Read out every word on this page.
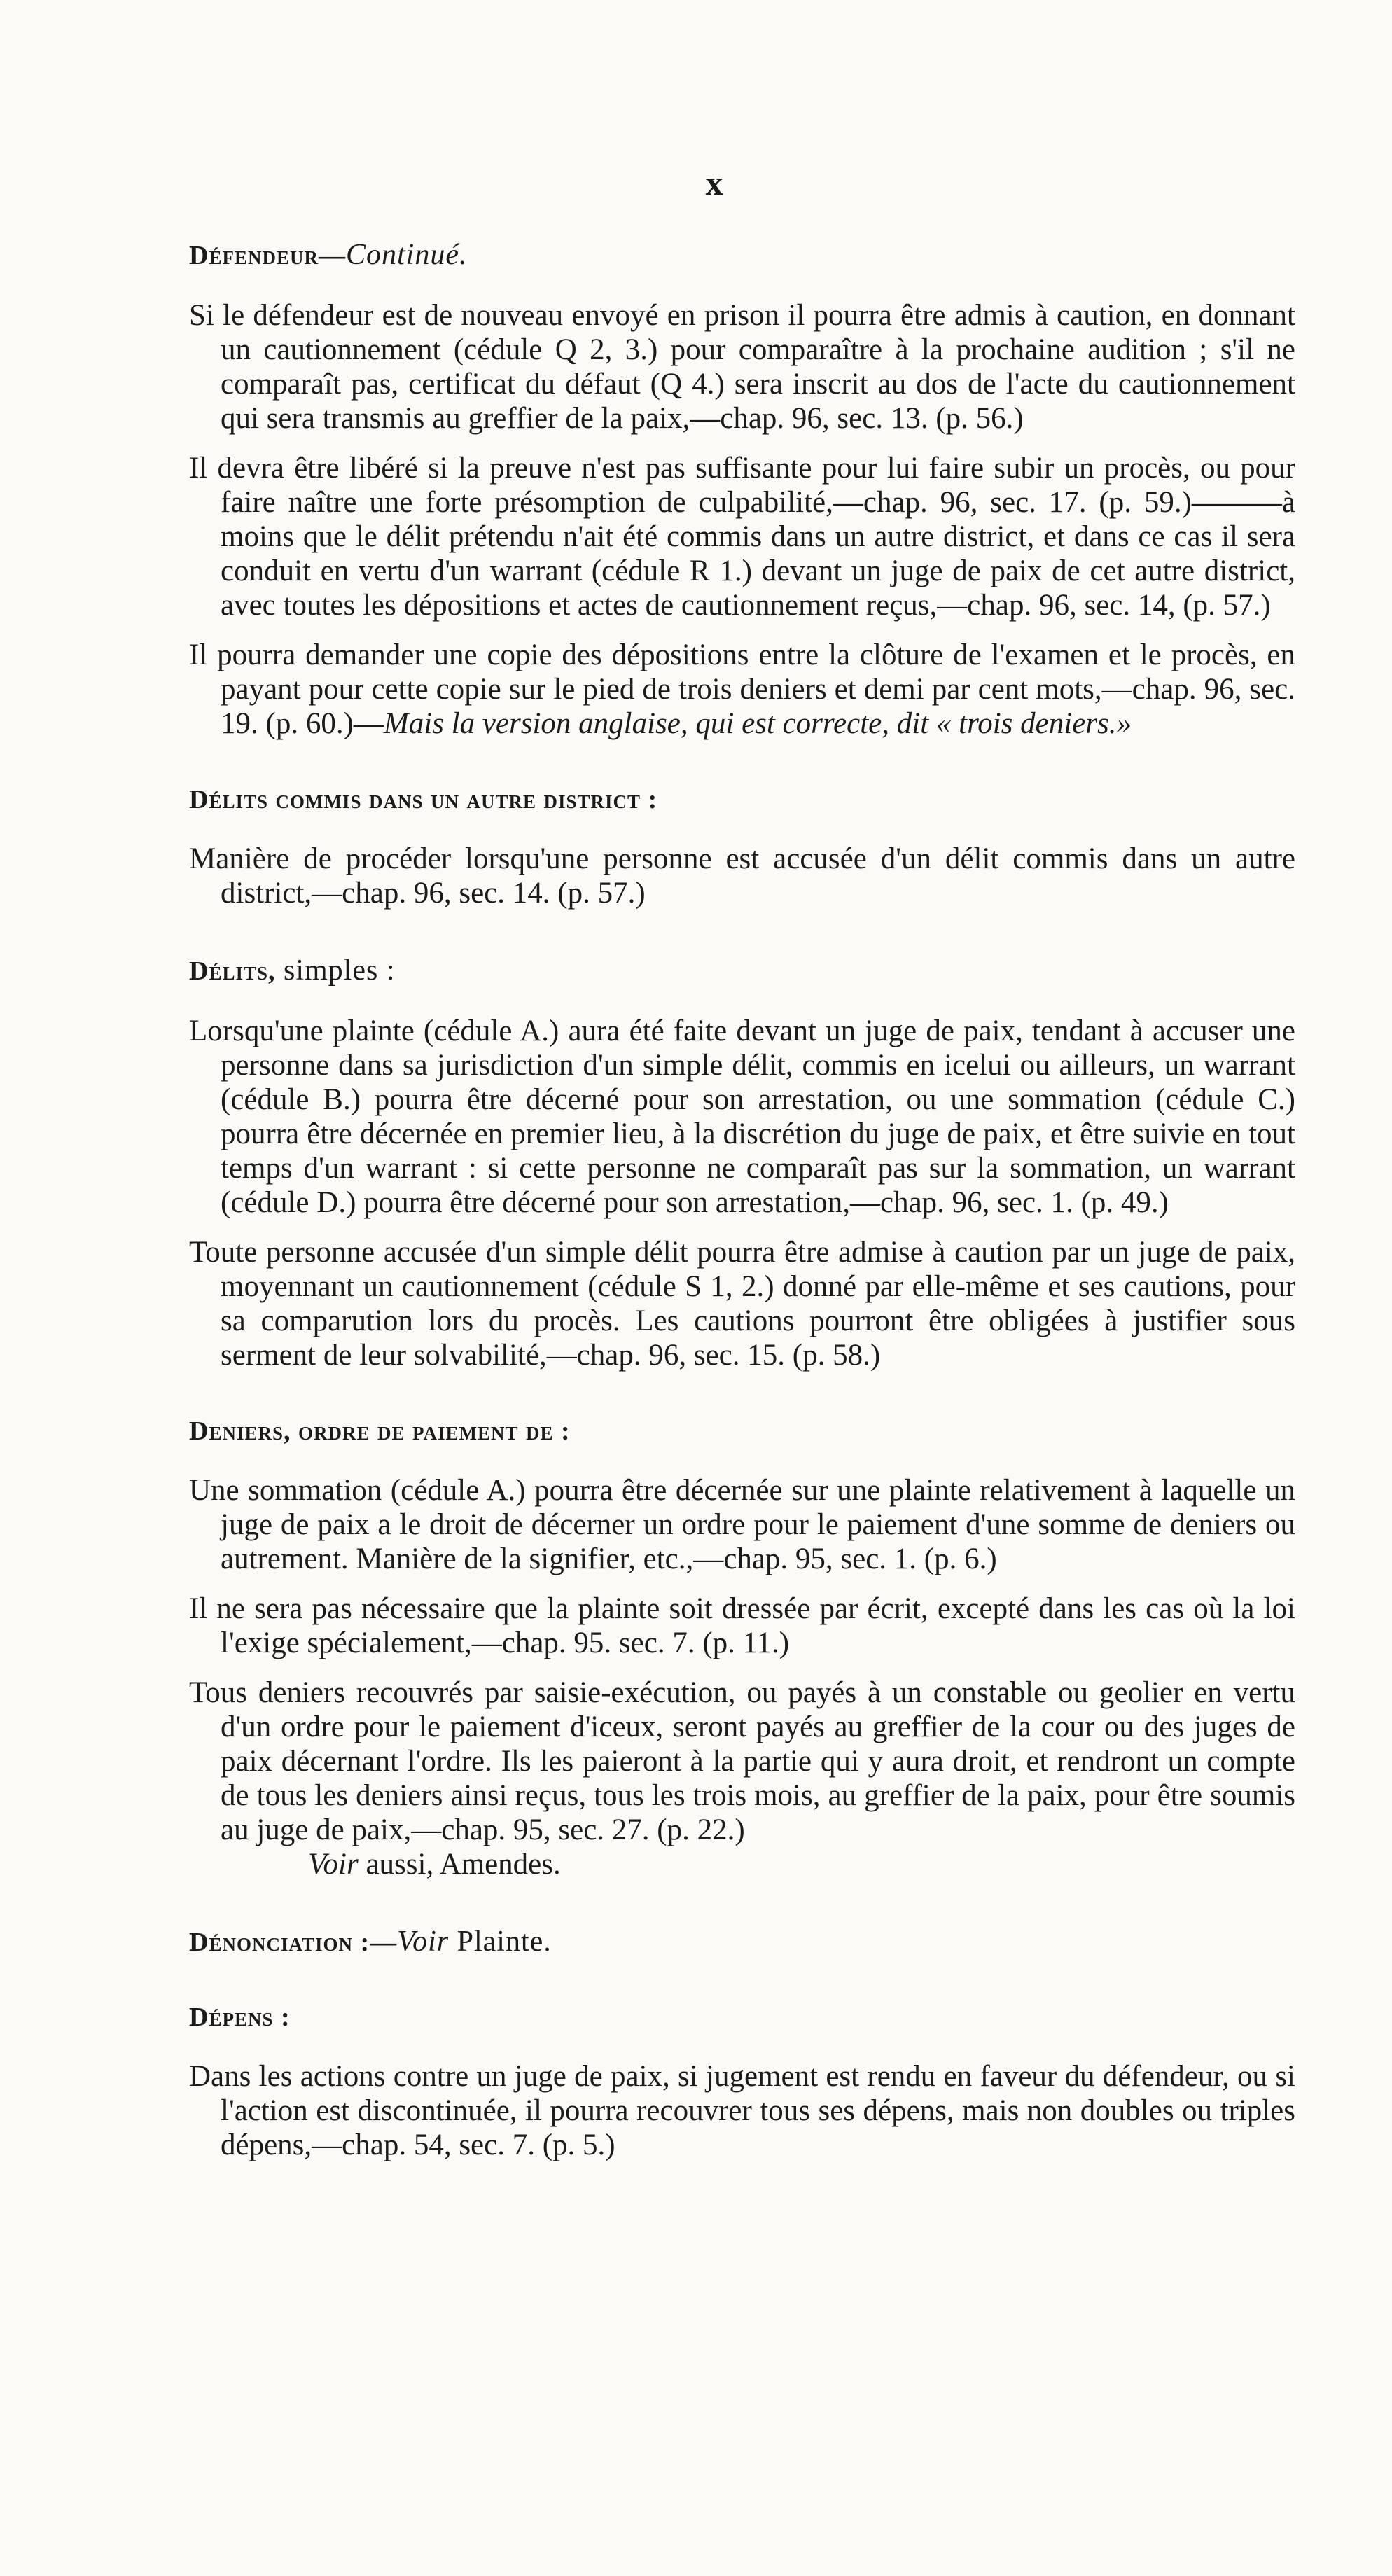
x

Défendeur—Continué.

Si le défendeur est de nouveau envoyé en prison il pourra être admis à caution, en donnant un cautionnement (cédule Q 2, 3.) pour comparaître à la prochaine audition ; s'il ne comparaît pas, certificat du défaut (Q 4.) sera inscrit au dos de l'acte du cautionnement qui sera transmis au greffier de la paix,—chap. 96, sec. 13. (p. 56.)

Il devra être libéré si la preuve n'est pas suffisante pour lui faire subir un procès, ou pour faire naître une forte présomption de culpabilité,—chap. 96, sec. 17. (p. 59.)———à moins que le délit prétendu n'ait été commis dans un autre district, et dans ce cas il sera conduit en vertu d'un warrant (cédule R 1.) devant un juge de paix de cet autre district, avec toutes les dépositions et actes de cautionnement reçus,—chap. 96, sec. 14, (p. 57.)

Il pourra demander une copie des dépositions entre la clôture de l'examen et le procès, en payant pour cette copie sur le pied de trois deniers et demi par cent mots,—chap. 96, sec. 19. (p. 60.)—Mais la version anglaise, qui est correcte, dit « trois deniers.»

Délits commis dans un autre district :

Manière de procéder lorsqu'une personne est accusée d'un délit commis dans un autre district,—chap. 96, sec. 14. (p. 57.)

Délits, simples :

Lorsqu'une plainte (cédule A.) aura été faite devant un juge de paix, tendant à accuser une personne dans sa jurisdiction d'un simple délit, commis en icelui ou ailleurs, un warrant (cédule B.) pourra être décerné pour son arrestation, ou une sommation (cédule C.) pourra être décernée en premier lieu, à la discrétion du juge de paix, et être suivie en tout temps d'un warrant : si cette personne ne comparaît pas sur la sommation, un warrant (cédule D.) pourra être décerné pour son arrestation,—chap. 96, sec. 1. (p. 49.)

Toute personne accusée d'un simple délit pourra être admise à caution par un juge de paix, moyennant un cautionnement (cédule S 1, 2.) donné par elle-même et ses cautions, pour sa comparution lors du procès. Les cautions pourront être obligées à justifier sous serment de leur solvabilité,—chap. 96, sec. 15. (p. 58.)

Deniers, ordre de paiement de :

Une sommation (cédule A.) pourra être décernée sur une plainte relativement à laquelle un juge de paix a le droit de décerner un ordre pour le paiement d'une somme de deniers ou autrement. Manière de la signifier, etc.,—chap. 95, sec. 1. (p. 6.)

Il ne sera pas nécessaire que la plainte soit dressée par écrit, excepté dans les cas où la loi l'exige spécialement,—chap. 95. sec. 7. (p. 11.)

Tous deniers recouvrés par saisie-exécution, ou payés à un constable ou geolier en vertu d'un ordre pour le paiement d'iceux, seront payés au greffier de la cour ou des juges de paix décernant l'ordre. Ils les paieront à la partie qui y aura droit, et rendront un compte de tous les deniers ainsi reçus, tous les trois mois, au greffier de la paix, pour être soumis au juge de paix,—chap. 95, sec. 27. (p. 22.)

Voir aussi, Amendes.

Dénonciation :—Voir Plainte.

Dépens :

Dans les actions contre un juge de paix, si jugement est rendu en faveur du défendeur, ou si l'action est discontinuée, il pourra recouvrer tous ses dépens, mais non doubles ou triples dépens,—chap. 54, sec. 7. (p. 5.)
